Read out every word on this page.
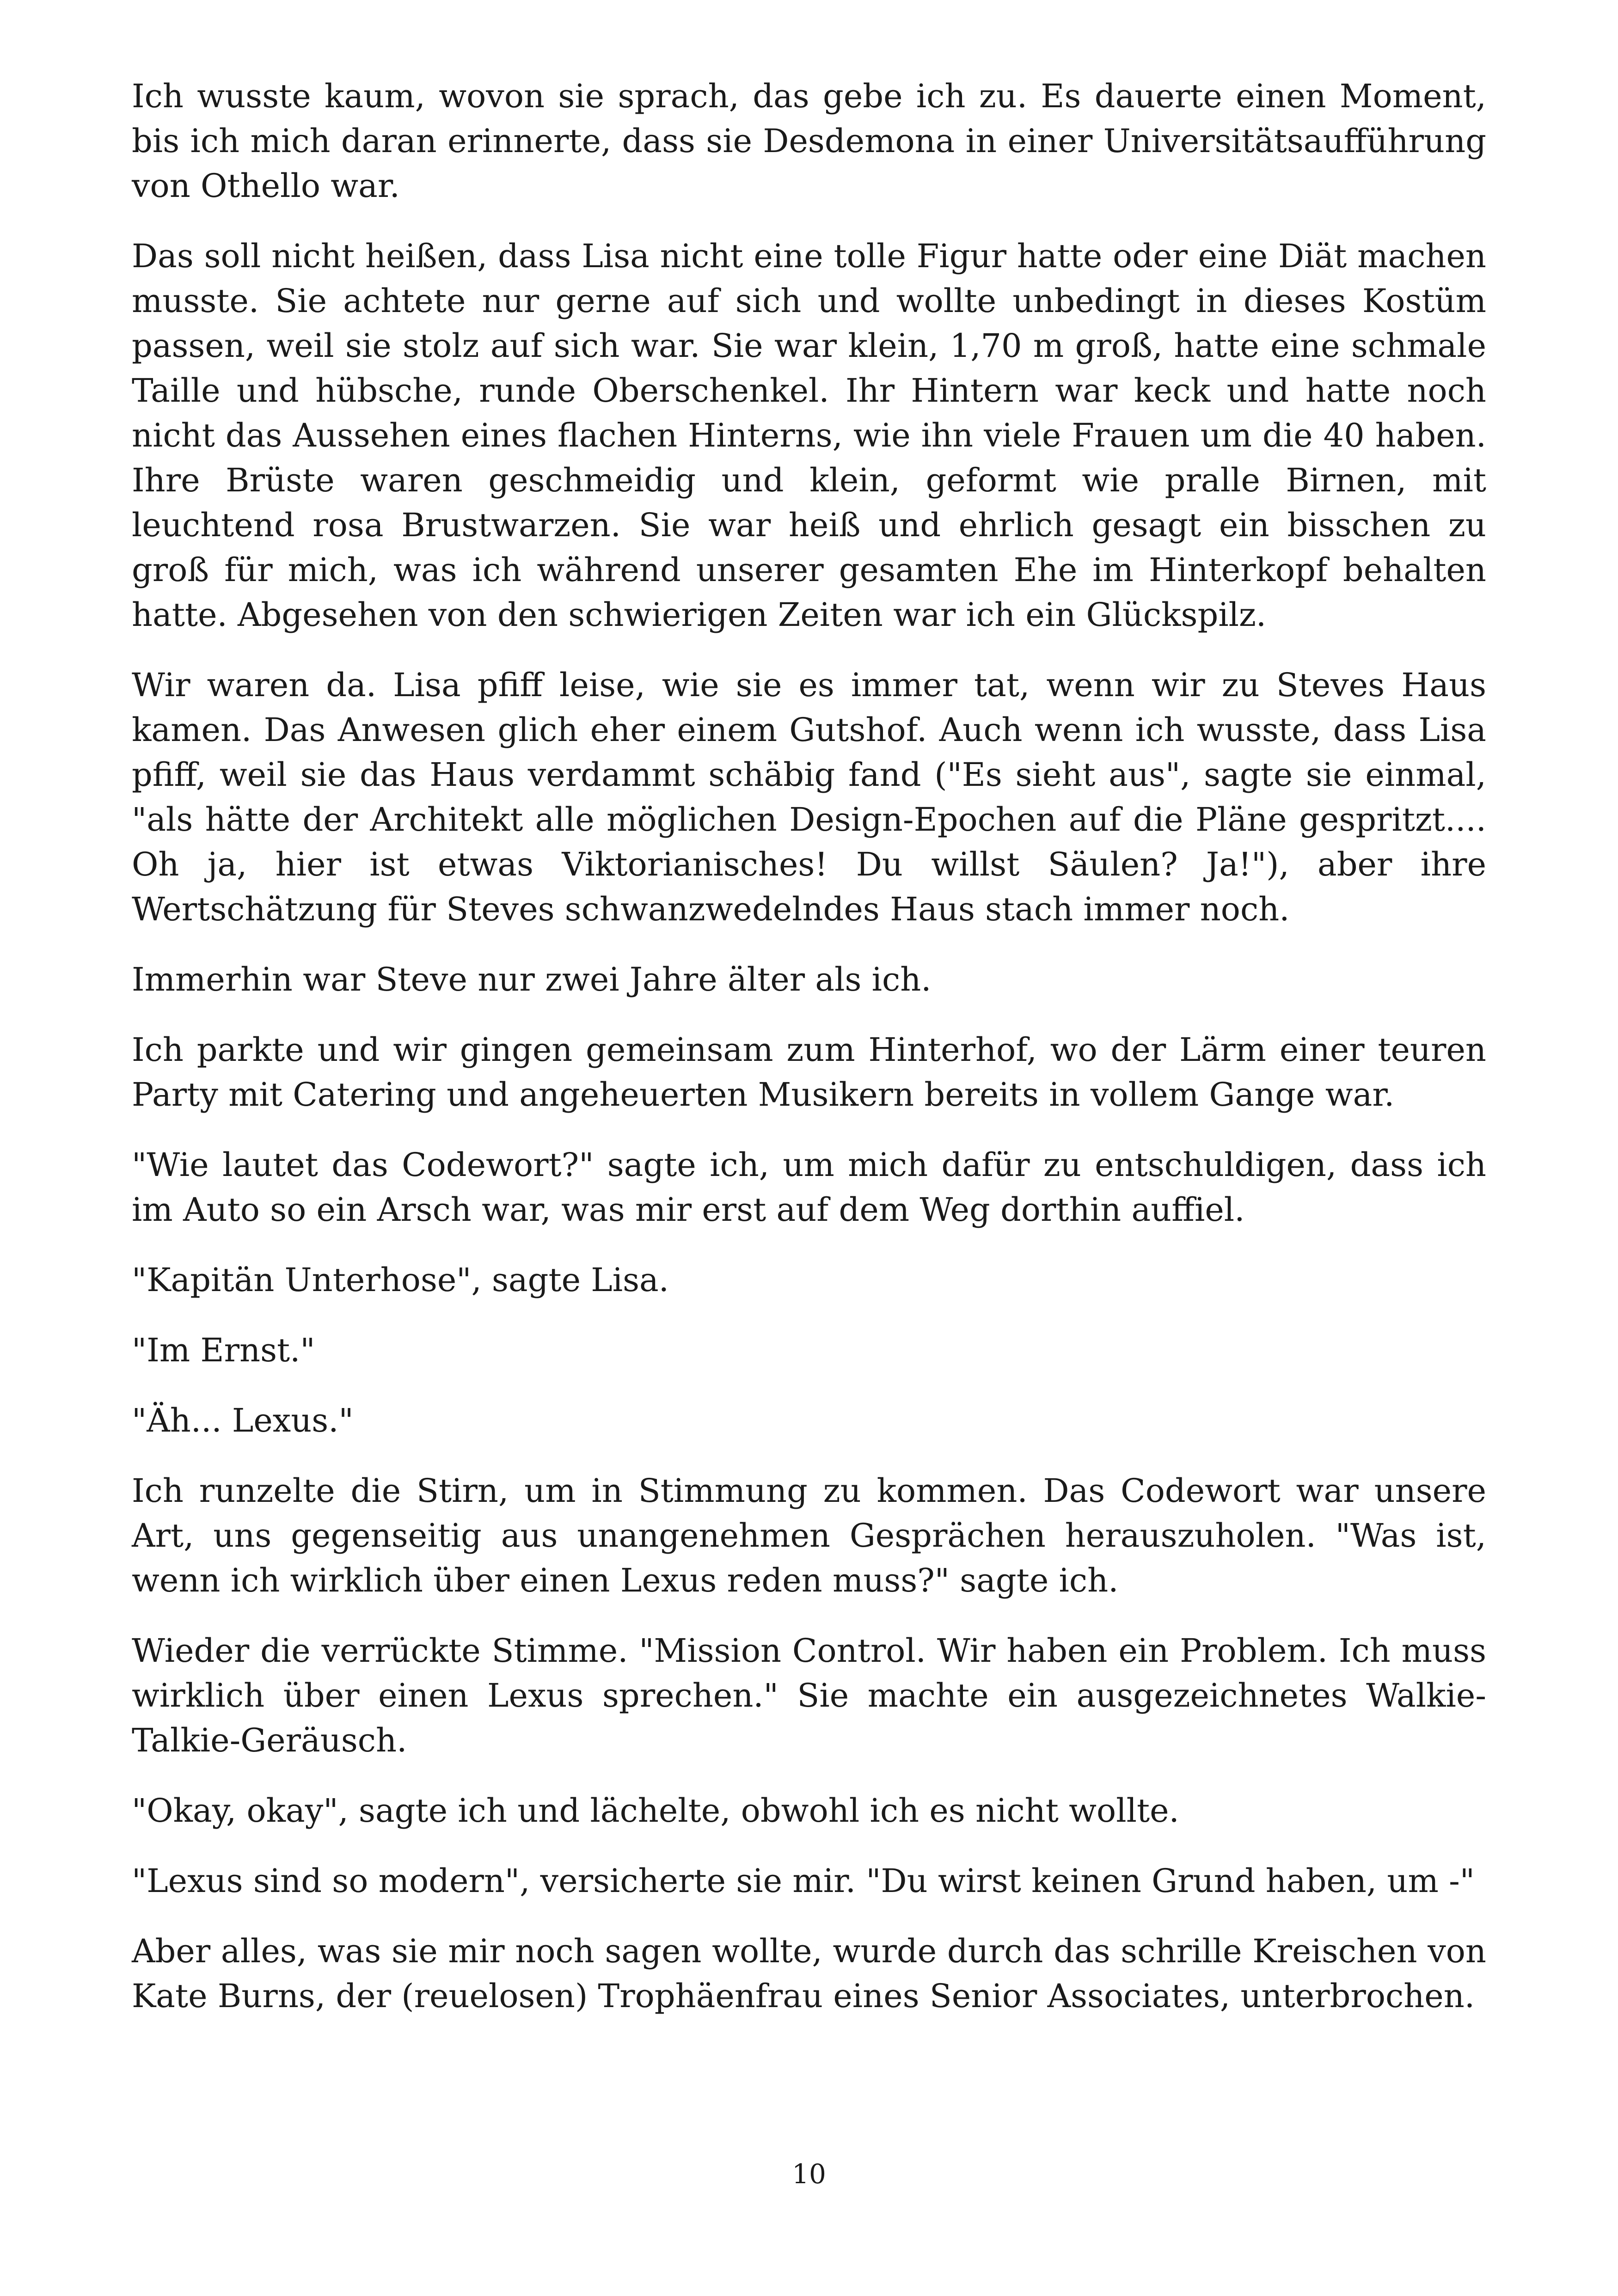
Ich wusste kaum, wovon sie sprach, das gebe ich zu. Es dauerte einen Moment, bis ich mich daran erinnerte, dass sie Desdemona in einer Universitätsaufführung von Othello war.

Das soll nicht heißen, dass Lisa nicht eine tolle Figur hatte oder eine Diät machen musste. Sie achtete nur gerne auf sich und wollte unbedingt in dieses Kostüm passen, weil sie stolz auf sich war. Sie war klein, 1,70 m groß, hatte eine schmale Taille und hübsche, runde Oberschenkel. Ihr Hintern war keck und hatte noch nicht das Aussehen eines flachen Hinterns, wie ihn viele Frauen um die 40 haben. Ihre Brüste waren geschmeidig und klein, geformt wie pralle Birnen, mit leuchtend rosa Brustwarzen. Sie war heiß und ehrlich gesagt ein bisschen zu groß für mich, was ich während unserer gesamten Ehe im Hinterkopf behalten hatte. Abgesehen von den schwierigen Zeiten war ich ein Glückspilz.

Wir waren da. Lisa pfiff leise, wie sie es immer tat, wenn wir zu Steves Haus kamen. Das Anwesen glich eher einem Gutshof. Auch wenn ich wusste, dass Lisa pfiff, weil sie das Haus verdammt schäbig fand ("Es sieht aus", sagte sie einmal, "als hätte der Architekt alle möglichen Design-Epochen auf die Pläne gespritzt.... Oh ja, hier ist etwas Viktorianisches! Du willst Säulen? Ja!"), aber ihre Wertschätzung für Steves schwanzwedelndes Haus stach immer noch.

Immerhin war Steve nur zwei Jahre älter als ich.

Ich parkte und wir gingen gemeinsam zum Hinterhof, wo der Lärm einer teuren Party mit Catering und angeheuerten Musikern bereits in vollem Gange war.

"Wie lautet das Codewort?" sagte ich, um mich dafür zu entschuldigen, dass ich im Auto so ein Arsch war, was mir erst auf dem Weg dorthin auffiel.

"Kapitän Unterhose", sagte Lisa.

"Im Ernst."

"Äh... Lexus."

Ich runzelte die Stirn, um in Stimmung zu kommen. Das Codewort war unsere Art, uns gegenseitig aus unangenehmen Gesprächen herauszuholen. "Was ist, wenn ich wirklich über einen Lexus reden muss?" sagte ich.

Wieder die verrückte Stimme. "Mission Control. Wir haben ein Problem. Ich muss wirklich über einen Lexus sprechen." Sie machte ein ausgezeichnetes Walkie-Talkie-Geräusch.

"Okay, okay", sagte ich und lächelte, obwohl ich es nicht wollte.

"Lexus sind so modern", versicherte sie mir. "Du wirst keinen Grund haben, um -"

Aber alles, was sie mir noch sagen wollte, wurde durch das schrille Kreischen von Kate Burns, der (reuelosen) Trophäenfrau eines Senior Associates, unterbrochen.

10
